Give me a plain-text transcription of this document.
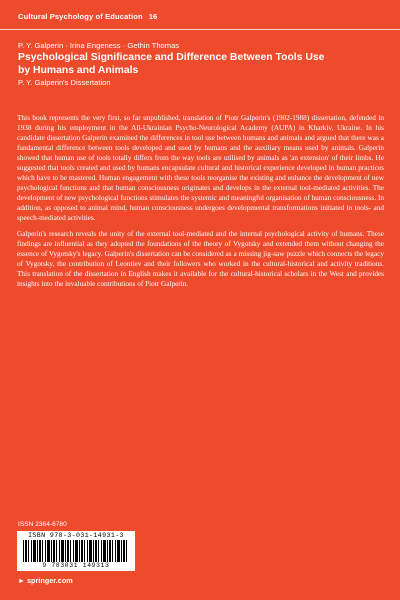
Cultural Psychology of Education 16
P. Y. Galperin · Irina Engeness · Gethin Thomas
Psychological Significance and Difference Between Tools Use
by Humans and Animals
P. Y. Galperin's Dissertation

This book represents the very first, so far unpublished, translation of Piotr Galperin's (1902-1988) dissertation, defended in 1938 during his employment in the All-Ukrainian Psycho-Neurological Academy (AUPA) in Kharkiv, Ukraine. In his candidate dissertation Galperin examined the differences in tool use between humans and animals and argued that there was a fundamental difference between tools developed and used by humans and the auxiliary means used by animals. Galperin showed that human use of tools totally differs from the way tools are utilised by animals as 'an extension' of their limbs. He suggested that tools created and used by humans encapsulate cultural and historical experience developed in human practices which have to be mastered. Human engagement with these tools reorganise the existing and enhance the development of new psychological functions and that human consciousness originates and develops in the external tool-mediated activities. The development of new psychological functions stimulates the systemic and meaningful organisation of human consciousness. In addition, as opposed to animal mind, human consciousness undergoes developmental transformations initiated in tools- and speech-mediated activities.

Galperin's research reveals the unity of the external tool-mediated and the internal psychological activity of humans. These findings are influential as they adopted the foundations of the theory of Vygotsky and extended them without changing the essence of Vygotsky's legacy. Galperin's dissertation can be considered as a missing jig-saw puzzle which connects the legacy of Vygotsky, the contribution of Leontiev and their followers who worked in the cultural-historical and activity traditions. This translation of the dissertation in English makes it available for the cultural-historical scholars in the West and provides insights into the invaluable contributions of Piotr Galperin.

ISSN 2364-6780
ISBN 978-3-031-14931-3
9 783031 149313
► springer.com
